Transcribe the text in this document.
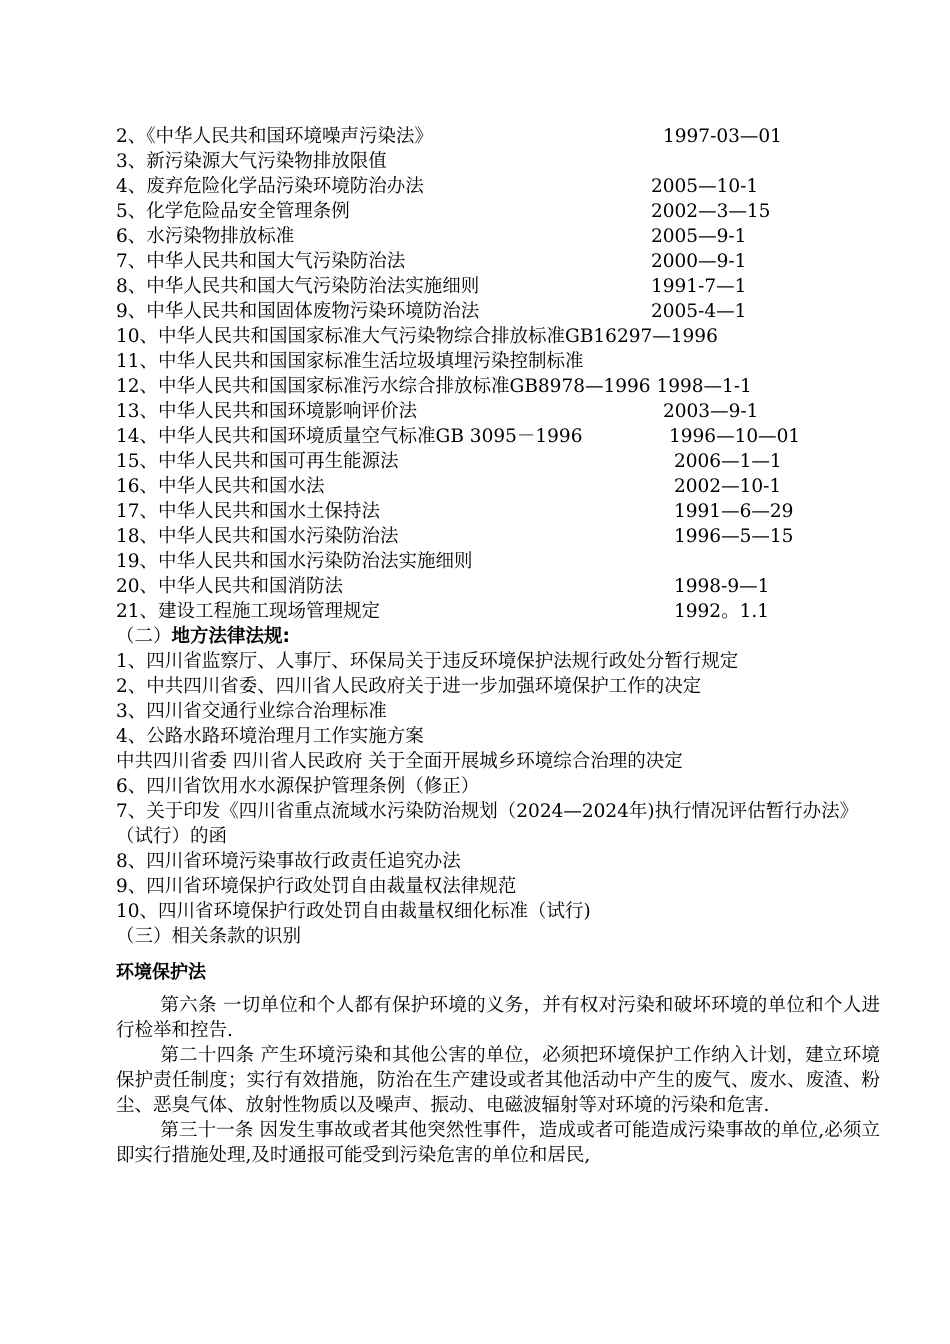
2、《中华人民共和国环境噪声污染法》	1997-03—01
3、新污染源大气污染物排放限值
4、废弃危险化学品污染环境防治办法	2005—10-1
5、化学危险品安全管理条例	2002—3—15
6、水污染物排放标准	2005—9-1
7、中华人民共和国大气污染防治法	2000—9-1
8、中华人民共和国大气污染防治法实施细则	1991-7—1
9、中华人民共和国固体废物污染环境防治法	2005-4—1
10、中华人民共和国国家标准大气污染物综合排放标准GB16297—1996
11、中华人民共和国国家标准生活垃圾填埋污染控制标准
12、中华人民共和国国家标准污水综合排放标准GB8978—1996 1998—1-1
13、中华人民共和国环境影响评价法	2003—9-1
14、中华人民共和国环境质量空气标准GB 3095－1996	1996—10—01
15、中华人民共和国可再生能源法	2006—1—1
16、中华人民共和国水法	2002—10-1
17、中华人民共和国水土保持法	1991—6—29
18、中华人民共和国水污染防治法	1996—5—15
19、中华人民共和国水污染防治法实施细则
20、中华人民共和国消防法	1998-9—1
21、建设工程施工现场管理规定	1992。1.1
（二）地方法律法规:
1、四川省监察厅、人事厅、环保局关于违反环境保护法规行政处分暂行规定
2、中共四川省委、四川省人民政府关于进一步加强环境保护工作的决定
3、四川省交通行业综合治理标准
4、公路水路环境治理月工作实施方案
中共四川省委 四川省人民政府 关于全面开展城乡环境综合治理的决定
6、四川省饮用水水源保护管理条例（修正）
7、关于印发《四川省重点流域水污染防治规划（2024—2024年)执行情况评估暂行办法》（试行）的函
8、四川省环境污染事故行政责任追究办法
9、四川省环境保护行政处罚自由裁量权法律规范
10、四川省环境保护行政处罚自由裁量权细化标准（试行)
（三）相关条款的识别
环境保护法

第六条 一切单位和个人都有保护环境的义务，并有权对污染和破坏环境的单位和个人进行检举和控告.

第二十四条 产生环境污染和其他公害的单位，必须把环境保护工作纳入计划，建立环境保护责任制度；实行有效措施，防治在生产建设或者其他活动中产生的废气、废水、废渣、粉尘、恶臭气体、放射性物质以及噪声、振动、电磁波辐射等对环境的污染和危害.

第三十一条 因发生事故或者其他突然性事件，造成或者可能造成污染事故的单位,必须立即实行措施处理,及时通报可能受到污染危害的单位和居民,
